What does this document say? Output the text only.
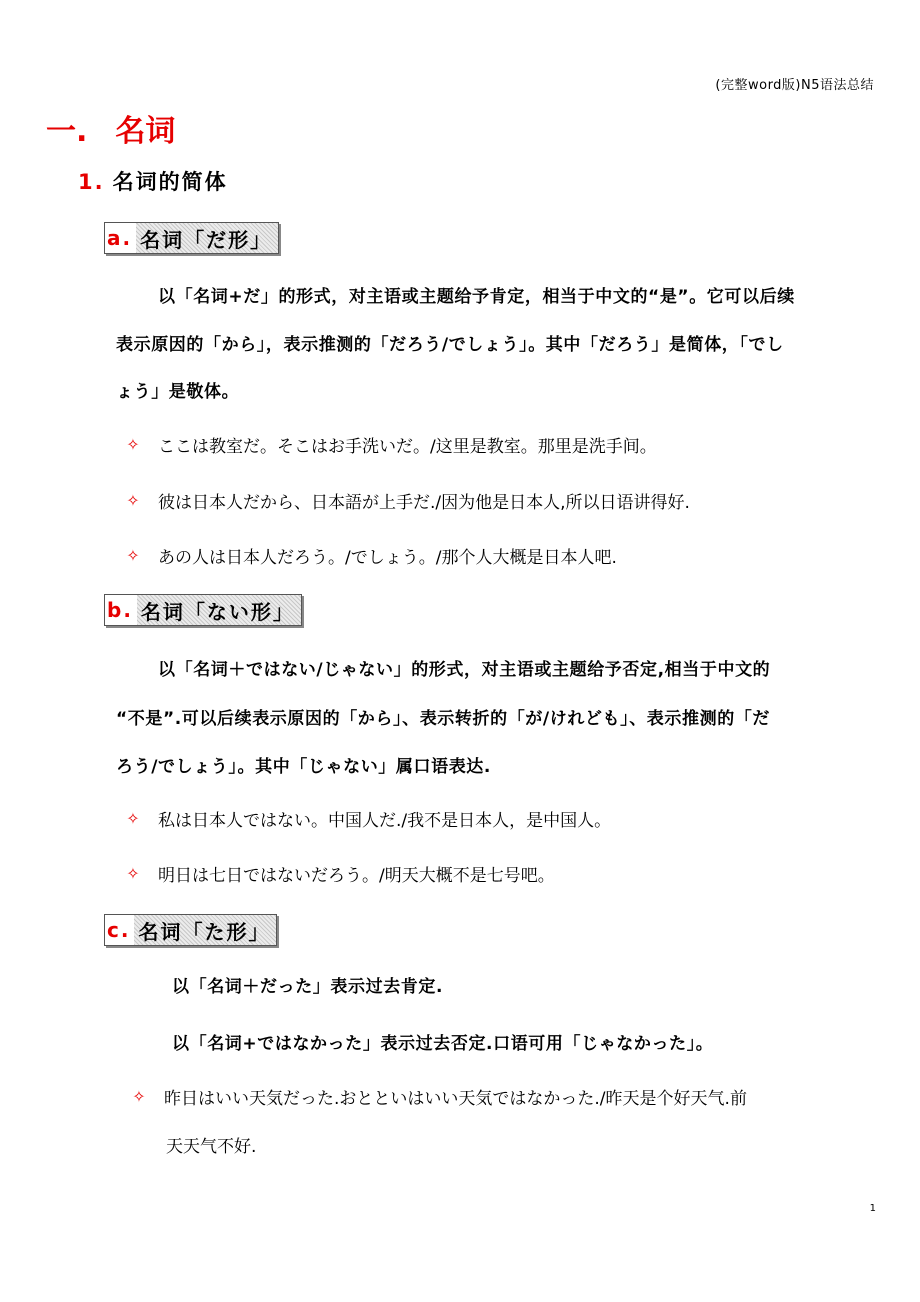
(完整word版)N5语法总结
一. 名词
1. 名词的简体
a. 名词「だ形」
以「名词+だ」的形式，对主语或主题给予肯定，相当于中文的“是”。它可以后续
表示原因的「から」，表示推测的「だろう/でしょう」。其中「だろう」是简体，「でし
ょう」是敬体。
✧ ここは教室だ。そこはお手洗いだ。/这里是教室。那里是洗手间。
✧ 彼は日本人だから、日本語が上手だ./因为他是日本人,所以日语讲得好.
✧ あの人は日本人だろう。/でしょう。/那个人大概是日本人吧.
b. 名词「ない形」
以「名词＋ではない/じゃない」的形式，对主语或主题给予否定,相当于中文的
“不是”.可以后续表示原因的「から」、表示转折的「が/けれども」、表示推测的「だ
ろう/でしょう」。其中「じゃない」属口语表达.
✧ 私は日本人ではない。中国人だ./我不是日本人，是中国人。
✧ 明日は七日ではないだろう。/明天大概不是七号吧。
c. 名词「た形」
以「名词＋だった」表示过去肯定.
以「名词+ではなかった」表示过去否定.口语可用「じゃなかった」。
✧ 昨日はいい天気だった.おとといはいい天気ではなかった./昨天是个好天气.前
天天气不好.
1
